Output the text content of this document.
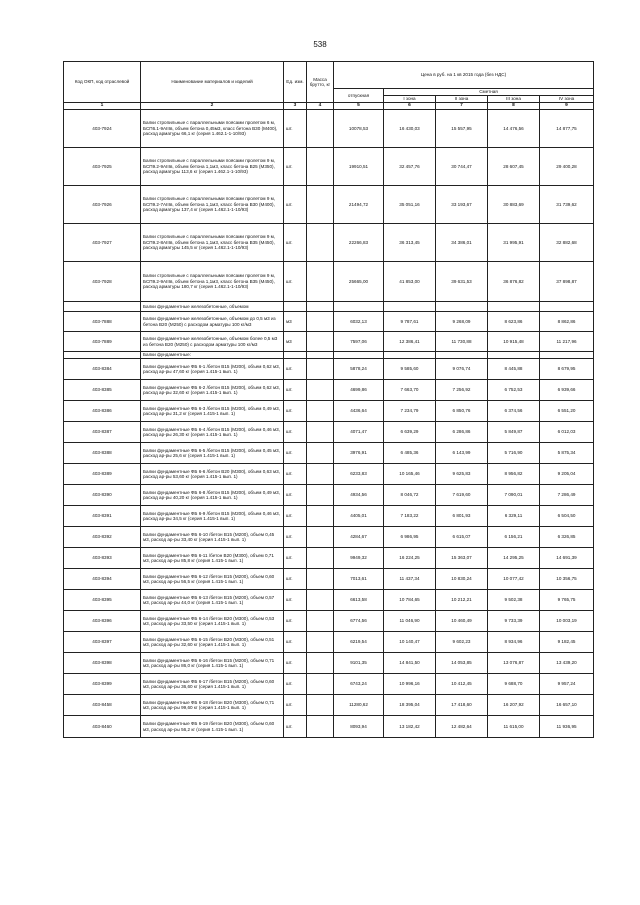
538
Код ОКП, код отраслевой	Наименование материалов и изделий	Ед. изм.	Масса брутто, кг	Цена в руб. на 1 кв 2015 года (без НДС)				
				отпускная	Сметная			
					I зона	II зона	III зона	IV зона
1	2	3	4	5	6	7	8	9
403-7924	Балки стропильные с параллельными поясами пролетом 6 м, БСП6.1-9АIIIв, объем бетона 0,45м3, класс бетона В30 (М400), расход арматуры 66,1 кг (серия 1.462.1-1-10/93)	шт.		10078,53	16 430,03	15 557,95	14 476,56	14 877,75
403-7925	Балки стропильные с параллельными поясами пролетом 9 м, БСП9.2-9АIIIв, объем бетона 1,1м3, класс бетона В25 (М350), расход арматуры 113,6 кг (серия 1.462.1-1-10/93)	шт.		19910,51	32 457,76	30 744,47	28 607,45	29 400,28
403-7926	Балки стропильные с параллельными поясами пролетом 9 м, БСП9.2-7АIIIв, объем бетона 1,1м3, класс бетона В30 (М400), расход арматуры 137,4 кг (серия 1.462.1-1-10/93)	шт.		21494,72	35 051,16	33 193,67	30 883,69	31 739,62
403-7927	Балки стропильные с параллельными поясами пролетом 9 м, БСП9.2-8АIIIв, объем бетона 1,1м3, класс бетона В35 (М450), расход арматуры 145,5 кг (серия 1.462.1-1-10/93)	шт.		22266,83	36 313,45	34 386,01	31 995,91	32 882,68
403-7928	Балки стропильные с параллельными поясами пролетом 9 м, БСП9.2-9АIIIв, объем бетона 1,1м3, класс бетона В35 (М450), расход арматуры 180,7 кг (серия 1.462.1-1-10/93)	шт.		25665,00	41 853,00	39 631,53	36 876,82	37 898,87
	Балки фундаментные железобетонные, объемом							
403-7888	Балки фундаментные железобетонные, объемом до 0,5 м3 из бетона В20 (М250) с расходом арматуры 100 кг/м3	м3		6032,13	9 787,61	9 268,09	8 623,86	8 862,86
403-7889	Балки фундаментные железобетонные, объемом более 0,5 м3 из бетона В20 (М250) с расходом арматуры 100 кг/м3	м3		7597,06	12 386,41	11 730,88	10 915,48	11 217,96
	Балки фундаментные:							
403-8384	Балки фундаментные ФБ 6-1 /бетон В15 (М200), объем 0,62 м3, расход ар-ры 47,60 кг (серия 1.415-1 вып. 1)	шт.		5878,24	9 585,60	9 076,74	8 445,88	8 679,95
403-8385	Балки фундаментные ФБ 6-2 /бетон В15 (М200), объем 0,62 м3, расход ар-ры 32,60 кг (серия 1.415-1 вып. 1)	шт.		4699,86	7 663,70	7 256,92	6 752,53	6 939,66
403-8386	Балки фундаментные ФБ 6-3 /бетон В15 (М200), объем 0,49 м3, расход ар-ры 31,2 кг (серия 1.415-1 вып. 1)	шт.		4436,64	7 234,79	6 850,76	6 374,56	6 551,20
403-8387	Балки фундаментные ФБ 6-4 /бетон В15 (М200), объем 0,46 м3, расход ар-ры 26,30 кг (серия 1.415-1 вып. 1)	шт.		4071,47	6 639,29	6 286,86	5 849,87	6 012,03
403-8388	Балки фундаментные ФБ 6-5 /бетон В15 (М200), объем 0,45 м3, расход ар-ры 25,6 кг (серия 1.415-1 вып. 1)	шт.		3976,91	6 485,36	6 143,99	5 716,90	5 875,34
403-8389	Балки фундаментные ФБ 6-6 /бетон В20 (М300), объем 0,63 м3, расход ар-ры 53,60 кг (серия 1.415-1 вып. 1)	шт.		6233,83	10 165,46	9 625,83	8 956,82	9 205,04
403-8390	Балки фундаментные ФБ 6-8 /бетон В15 (М200), объем 0,49 м3, расход ар-ры 40,20 кг (серия 1.415-1 вып. 1)	шт.		4934,56	8 046,72	7 619,60	7 090,01	7 286,49
403-8391	Балки фундаментные ФБ 6-9 /бетон В15 (М200), объем 0,46 м3, расход ар-ры 34,5 кг (серия 1.415-1 вып. 1)	шт.		4405,01	7 183,22	6 801,93	6 329,11	6 504,50
403-8392	Балки фундаментные ФБ 6-10 /бетон В15 (М200), объем 0,45 м3, расход ар-ры 33,40 кг (серия 1.415-1 вып. 1)	шт.		4284,67	6 986,95	6 615,07	6 156,21	6 326,85
403-8393	Балки фундаментные ФБ 6-11 /бетон В20 (М300), объем 0,71 м3, расход ар-ры 85,8 кг (серия 1.415-1 вып. 1)	шт.		9949,32	16 224,25	15 363,07	14 295,25	14 691,39
403-8394	Балки фундаментные ФБ 6-12 /бетон В15 (М200), объем 0,60 м3, расход ар-ры 56,5 кг (серия 1.415-1 вып. 1)	шт.		7013,61	11 437,34	10 830,24	10 077,42	10 356,75
403-8395	Балки фундаментные ФБ 6-13 /бетон В15 (М200), объем 0,57 м3, расход ар-ры 44,0 кг (серия 1.415-1 вып. 1)	шт.		6613,58	10 784,65	10 212,21	9 502,38	9 765,75
403-8396	Балки фундаментные ФБ 6-14 /бетон В20 (М300), объем 0,53 м3, расход ар-ры 33,50 кг (серия 1.415-1 вып. 1)	шт.		6774,56	11 046,90	10 460,49	9 733,39	10 003,19
403-8397	Балки фундаментные ФБ 6-15 /бетон В20 (М300), объем 0,51 м3, расход ар-ры 32,60 кг (серия 1.415-1 вып. 1)	шт.		6219,54	10 140,47	9 602,23	8 934,96	9 182,45
403-8398	Балки фундаментные ФБ 6-16 /бетон В15 (М200), объем 0,71 м3, расход ар-ры 86,0 кг (серия 1.415-1 вып. 1)	шт.		9101,35	14 841,50	14 053,85	13 076,87	13 439,20
403-8399	Балки фундаментные ФБ 6-17 /бетон В15 (М200), объем 0,60 м3, расход ар-ры 36,60 кг (серия 1.415-1 вып. 1)	шт.		6743,24	10 996,16	10 412,45	9 688,70	9 957,24
403-8458	Балки фундаментные ФБ 6-18 /бетон В20 (М300), объем 0,71 м3, расход ар-ры 99,60 кг (серия 1.415-1 вып. 1)	шт.		11280,62	18 395,04	17 418,60	16 207,92	16 657,10
403-8460	Балки фундаментные ФБ 6-19 /бетон В20 (М300), объем 0,60 м3, расход ар-ры 56,2 кг (серия 1.415-1 вып. 1)	шт.		8093,94	13 182,42	12 482,64	11 615,00	11 936,95
